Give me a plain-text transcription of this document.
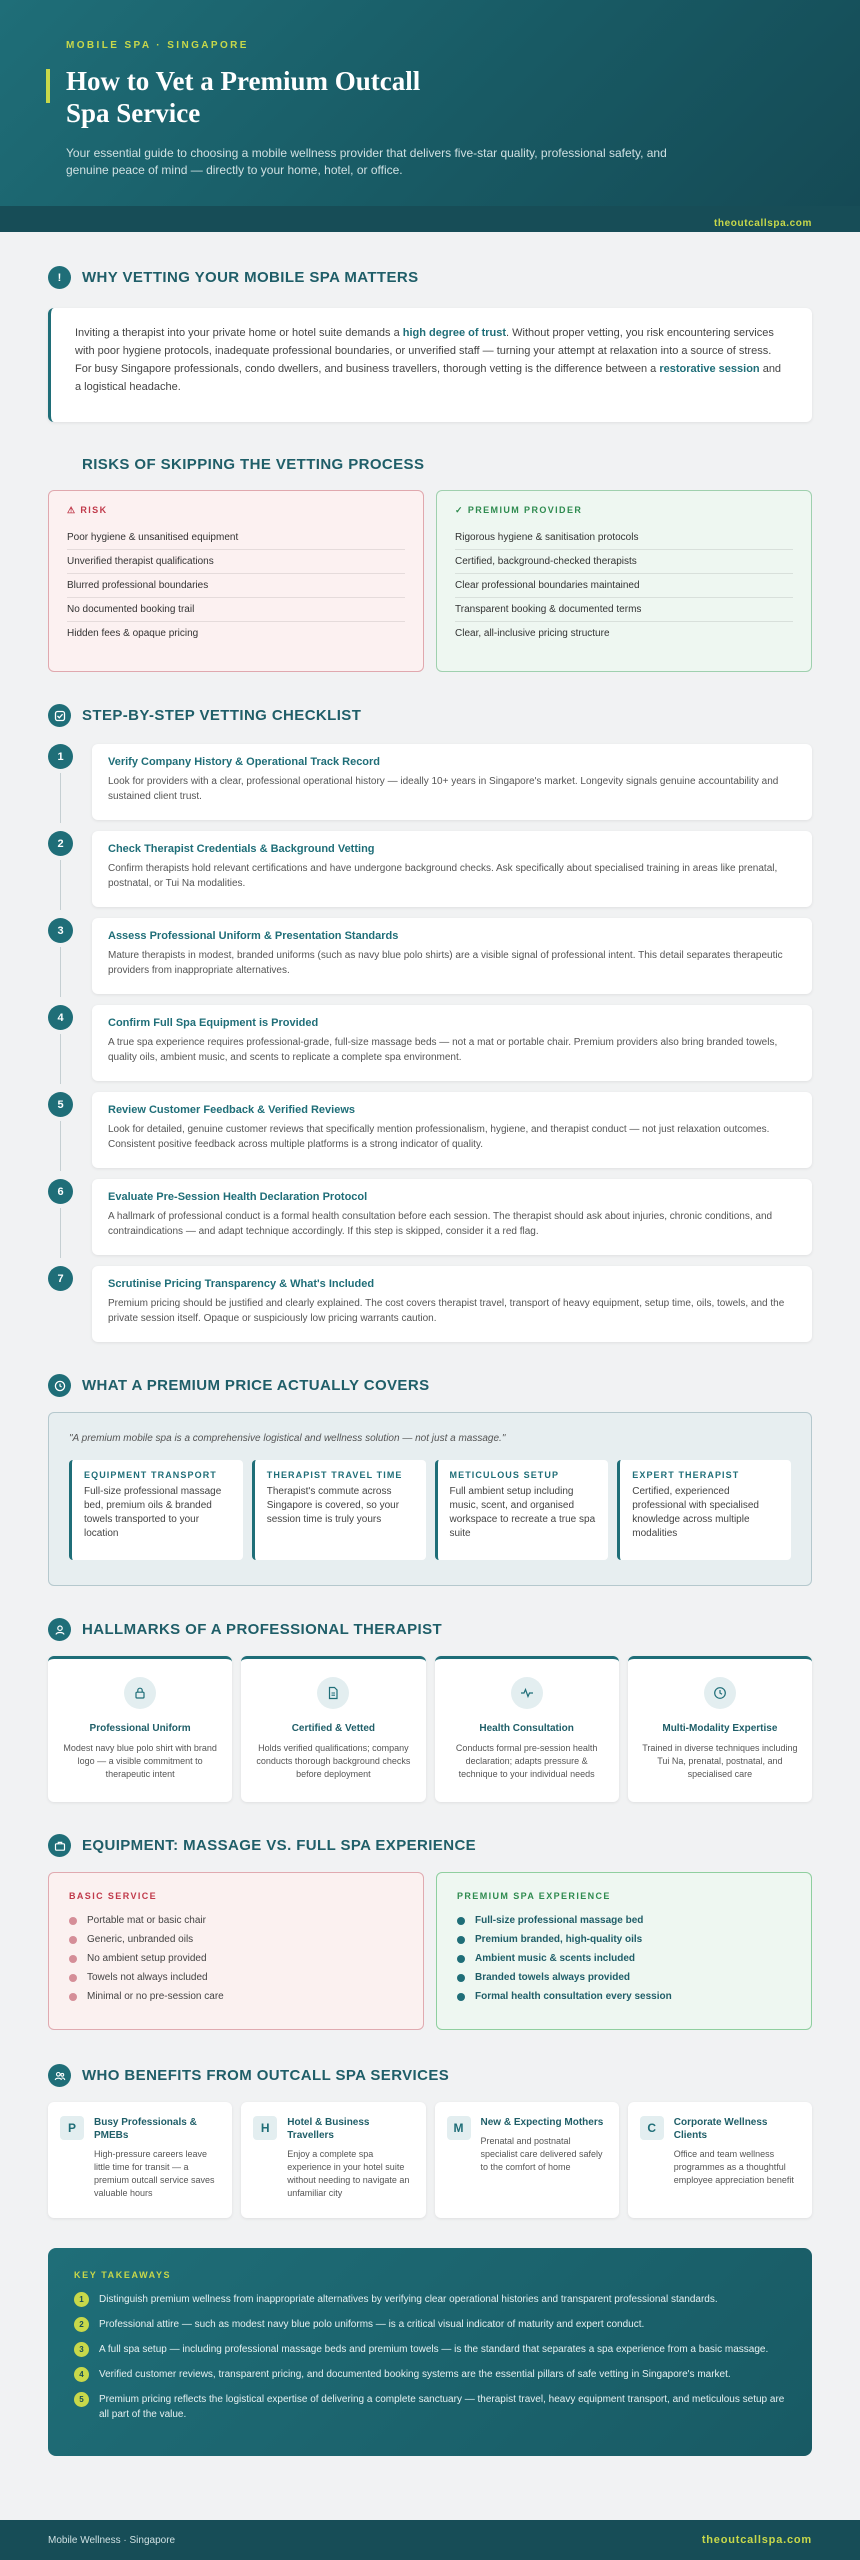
MOBILE SPA · SINGAPORE
How to Vet a Premium Outcall Spa Service

Your essential guide to choosing a mobile wellness provider that delivers five-star quality, professional safety, and genuine peace of mind — directly to your home, hotel, or office.

theoutcallspa.com
!	WHY VETTING YOUR MOBILE SPA MATTERS
Inviting a therapist into your private home or hotel suite demands a high degree of trust. Without proper vetting, you risk encountering services with poor hygiene protocols, inadequate professional boundaries, or unverified staff — turning your attempt at relaxation into a source of stress. For busy Singapore professionals, condo dwellers, and business travellers, thorough vetting is the difference between a restorative session and a logistical headache.
RISKS OF SKIPPING THE VETTING PROCESS
⚠ RISK
Poor hygiene & unsanitised equipment
Unverified therapist qualifications
Blurred professional boundaries
No documented booking trail
Hidden fees & opaque pricing
✓ PREMIUM PROVIDER
Rigorous hygiene & sanitisation protocols
Certified, background-checked therapists
Clear professional boundaries maintained
Transparent booking & documented terms
Clear, all-inclusive pricing structure
STEP-BY-STEP VETTING CHECKLIST
1	Verify Company History & Operational Track Record

Look for providers with a clear, professional operational history — ideally 10+ years in Singapore's market. Longevity signals genuine accountability and sustained client trust.

2	Check Therapist Credentials & Background Vetting

Confirm therapists hold relevant certifications and have undergone background checks. Ask specifically about specialised training in areas like prenatal, postnatal, or Tui Na modalities.

3	Assess Professional Uniform & Presentation Standards

Mature therapists in modest, branded uniforms (such as navy blue polo shirts) are a visible signal of professional intent. This detail separates therapeutic providers from inappropriate alternatives.

4	Confirm Full Spa Equipment is Provided

A true spa experience requires professional-grade, full-size massage beds — not a mat or portable chair. Premium providers also bring branded towels, quality oils, ambient music, and scents to replicate a complete spa environment.

5	Review Customer Feedback & Verified Reviews

Look for detailed, genuine customer reviews that specifically mention professionalism, hygiene, and therapist conduct — not just relaxation outcomes. Consistent positive feedback across multiple platforms is a strong indicator of quality.

6	Evaluate Pre-Session Health Declaration Protocol

A hallmark of professional conduct is a formal health consultation before each session. The therapist should ask about injuries, chronic conditions, and contraindications — and adapt technique accordingly. If this step is skipped, consider it a red flag.

7	Scrutinise Pricing Transparency & What's Included

Premium pricing should be justified and clearly explained. The cost covers therapist travel, transport of heavy equipment, setup time, oils, towels, and the private session itself. Opaque or suspiciously low pricing warrants caution.

WHAT A PREMIUM PRICE ACTUALLY COVERS
"A premium mobile spa is a comprehensive logistical and wellness solution — not just a massage."
EQUIPMENT TRANSPORT
Full-size professional massage bed, premium oils & branded towels transported to your location
THERAPIST TRAVEL TIME
Therapist's commute across Singapore is covered, so your session time is truly yours
METICULOUS SETUP
Full ambient setup including music, scent, and organised workspace to recreate a true spa suite
EXPERT THERAPIST
Certified, experienced professional with specialised knowledge across multiple modalities
HALLMARKS OF A PROFESSIONAL THERAPIST
Professional Uniform

Modest navy blue polo shirt with brand logo — a visible commitment to therapeutic intent

Certified & Vetted

Holds verified qualifications; company conducts thorough background checks before deployment

Health Consultation

Conducts formal pre-session health declaration; adapts pressure & technique to your individual needs

Multi-Modality Expertise

Trained in diverse techniques including Tui Na, prenatal, postnatal, and specialised care

EQUIPMENT: MASSAGE VS. FULL SPA EXPERIENCE
BASIC SERVICE
Portable mat or basic chair
Generic, unbranded oils
No ambient setup provided
Towels not always included
Minimal or no pre-session care
PREMIUM SPA EXPERIENCE
Full-size professional massage bed
Premium branded, high-quality oils
Ambient music & scents included
Branded towels always provided
Formal health consultation every session
WHO BENEFITS FROM OUTCALL SPA SERVICES
P	Busy Professionals & PMEBs

High-pressure careers leave little time for transit — a premium outcall service saves valuable hours

H	Hotel & Business Travellers

Enjoy a complete spa experience in your hotel suite without needing to navigate an unfamiliar city

M	New & Expecting Mothers

Prenatal and postnatal specialist care delivered safely to the comfort of home

C	Corporate Wellness Clients

Office and team wellness programmes as a thoughtful employee appreciation benefit

KEY TAKEAWAYS
1	Distinguish premium wellness from inappropriate alternatives by verifying clear operational histories and transparent professional standards.
2	Professional attire — such as modest navy blue polo uniforms — is a critical visual indicator of maturity and expert conduct.
3	A full spa setup — including professional massage beds and premium towels — is the standard that separates a spa experience from a basic massage.
4	Verified customer reviews, transparent pricing, and documented booking systems are the essential pillars of safe vetting in Singapore's market.
5	Premium pricing reflects the logistical expertise of delivering a complete sanctuary — therapist travel, heavy equipment transport, and meticulous setup are all part of the value.
Mobile Wellness · Singapore	theoutcallspa.com
